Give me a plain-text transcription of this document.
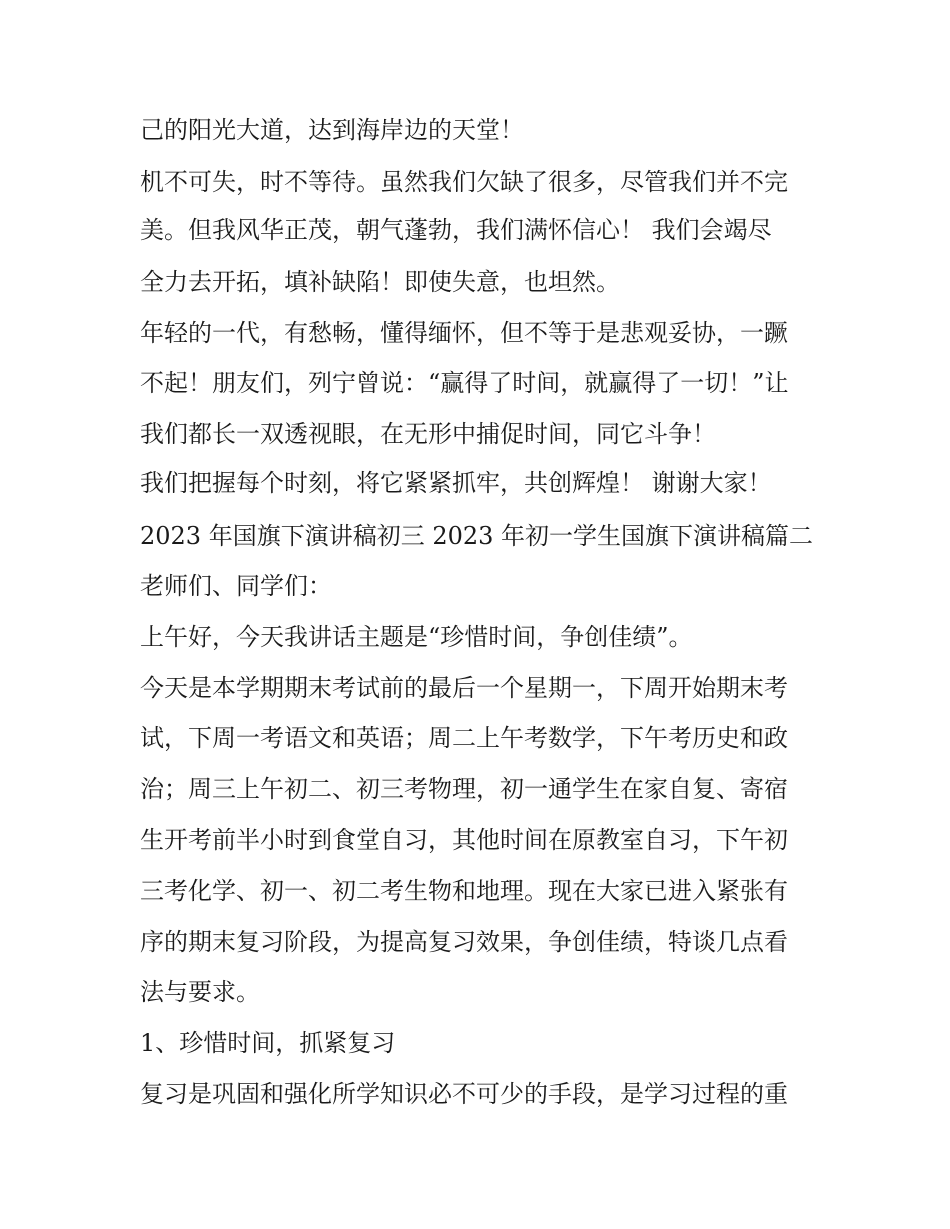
己的阳光大道，达到海岸边的天堂！
机不可失，时不等待。虽然我们欠缺了很多，尽管我们并不完
美。但我风华正茂，朝气蓬勃，我们满怀信心！ 我们会竭尽
全力去开拓，填补缺陷！即使失意，也坦然。
年轻的一代，有愁畅，懂得缅怀，但不等于是悲观妥协，一蹶
不起！朋友们，列宁曾说：“赢得了时间，就赢得了一切！”让
我们都长一双透视眼，在无形中捕促时间，同它斗争！
我们把握每个时刻，将它紧紧抓牢，共创辉煌！ 谢谢大家！
2023 年国旗下演讲稿初三 2023 年初一学生国旗下演讲稿篇二
老师们、同学们：
上午好，今天我讲话主题是“珍惜时间，争创佳绩”。
今天是本学期期末考试前的最后一个星期一，下周开始期末考
试，下周一考语文和英语；周二上午考数学，下午考历史和政
治；周三上午初二、初三考物理，初一通学生在家自复、寄宿
生开考前半小时到食堂自习，其他时间在原教室自习，下午初
三考化学、初一、初二考生物和地理。现在大家已进入紧张有
序的期末复习阶段，为提高复习效果，争创佳绩，特谈几点看
法与要求。
1、珍惜时间，抓紧复习
复习是巩固和强化所学知识必不可少的手段，是学习过程的重
